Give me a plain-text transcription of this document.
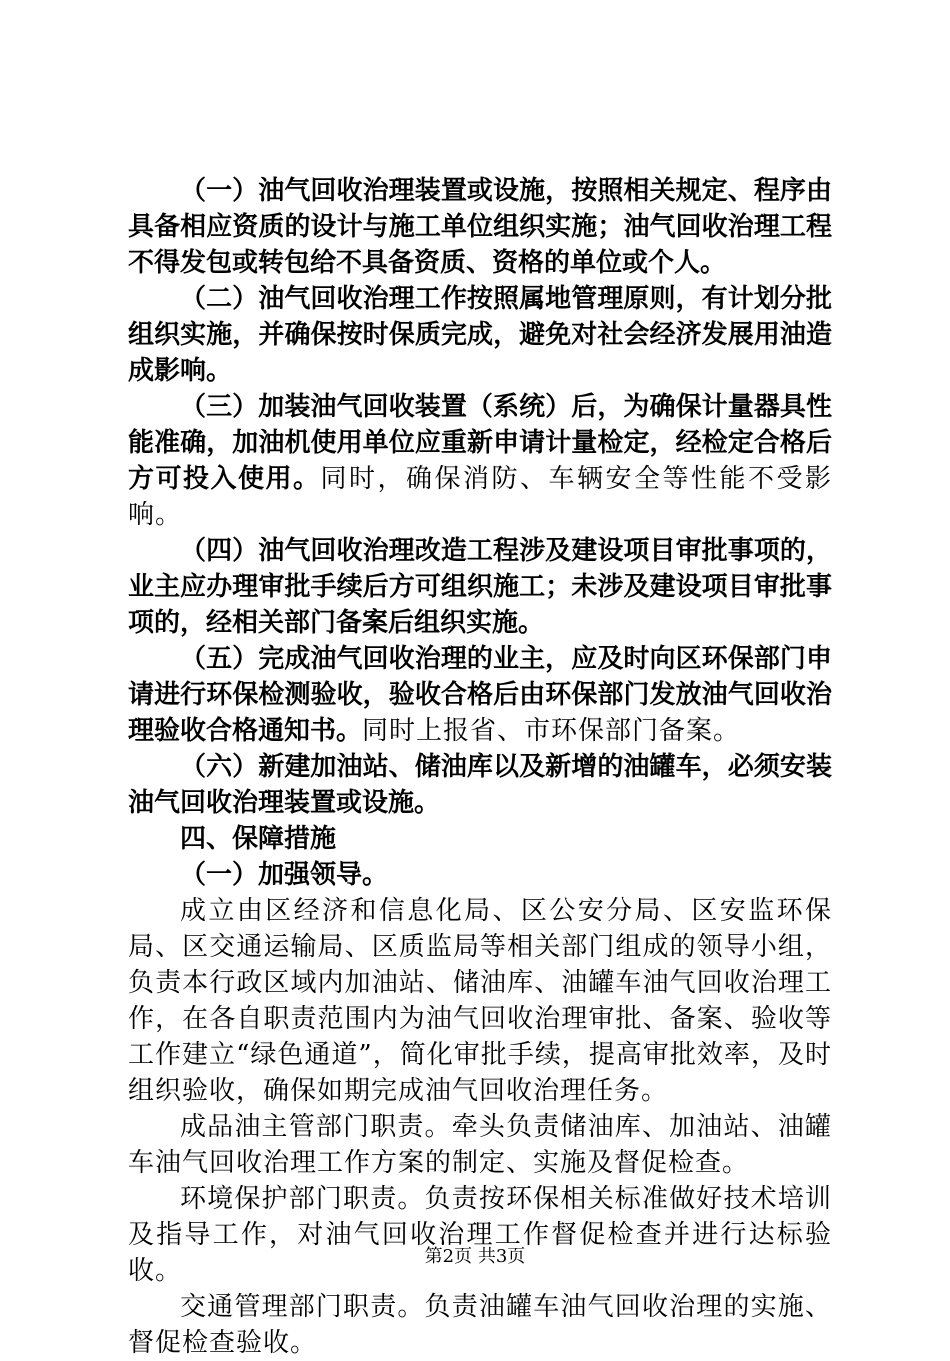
（一）油气回收治理装置或设施，按照相关规定、程序由具备相应资质的设计与施工单位组织实施；油气回收治理工程不得发包或转包给不具备资质、资格的单位或个人。

（二）油气回收治理工作按照属地管理原则，有计划分批组织实施，并确保按时保质完成，避免对社会经济发展用油造成影响。

（三）加装油气回收装置（系统）后，为确保计量器具性能准确，加油机使用单位应重新申请计量检定，经检定合格后方可投入使用。同时，确保消防、车辆安全等性能不受影响。

（四）油气回收治理改造工程涉及建设项目审批事项的，业主应办理审批手续后方可组织施工；未涉及建设项目审批事项的，经相关部门备案后组织实施。

（五）完成油气回收治理的业主，应及时向区环保部门申请进行环保检测验收，验收合格后由环保部门发放油气回收治理验收合格通知书。同时上报省、市环保部门备案。

（六）新建加油站、储油库以及新增的油罐车，必须安装油气回收治理装置或设施。

四、保障措施

（一）加强领导。

成立由区经济和信息化局、区公安分局、区安监环保局、区交通运输局、区质监局等相关部门组成的领导小组，负责本行政区域内加油站、储油库、油罐车油气回收治理工作，在各自职责范围内为油气回收治理审批、备案、验收等工作建立“绿色通道”，简化审批手续，提高审批效率，及时组织验收，确保如期完成油气回收治理任务。

成品油主管部门职责。牵头负责储油库、加油站、油罐车油气回收治理工作方案的制定、实施及督促检查。

环境保护部门职责。负责按环保相关标准做好技术培训及指导工作，对油气回收治理工作督促检查并进行达标验收。

交通管理部门职责。负责油罐车油气回收治理的实施、督促检查验收。

第2页 共3页
